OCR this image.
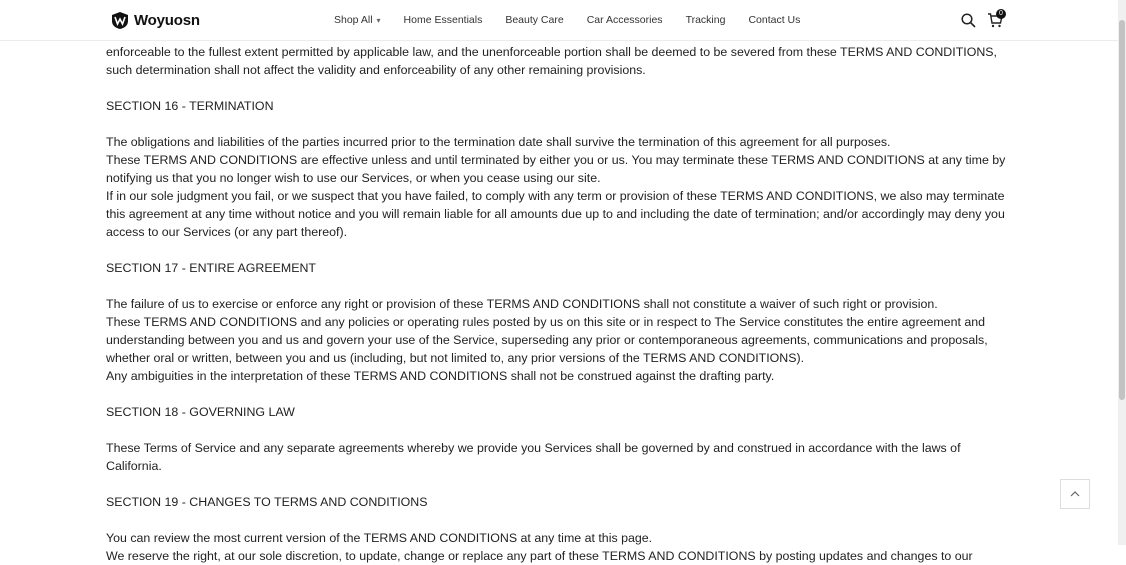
Woyuosn	Shop All ▾ Home Essentials Beauty Care Car Accessories Tracking Contact Us
0

enforceable to the fullest extent permitted by applicable law, and the unenforceable portion shall be deemed to be severed from these TERMS AND CONDITIONS, such determination shall not affect the validity and enforceability of any other remaining provisions.

SECTION 16 - TERMINATION

The obligations and liabilities of the parties incurred prior to the termination date shall survive the termination of this agreement for all purposes.

These TERMS AND CONDITIONS are effective unless and until terminated by either you or us. You may terminate these TERMS AND CONDITIONS at any time by notifying us that you no longer wish to use our Services, or when you cease using our site.

If in our sole judgment you fail, or we suspect that you have failed, to comply with any term or provision of these TERMS AND CONDITIONS, we also may terminate this agreement at any time without notice and you will remain liable for all amounts due up to and including the date of termination; and/or accordingly may deny you access to our Services (or any part thereof).

SECTION 17 - ENTIRE AGREEMENT

The failure of us to exercise or enforce any right or provision of these TERMS AND CONDITIONS shall not constitute a waiver of such right or provision.

These TERMS AND CONDITIONS and any policies or operating rules posted by us on this site or in respect to The Service constitutes the entire agreement and understanding between you and us and govern your use of the Service, superseding any prior or contemporaneous agreements, communications and proposals, whether oral or written, between you and us (including, but not limited to, any prior versions of the TERMS AND CONDITIONS).

Any ambiguities in the interpretation of these TERMS AND CONDITIONS shall not be construed against the drafting party.

SECTION 18 - GOVERNING LAW

These Terms of Service and any separate agreements whereby we provide you Services shall be governed by and construed in accordance with the laws of California.

SECTION 19 - CHANGES TO TERMS AND CONDITIONS

You can review the most current version of the TERMS AND CONDITIONS at any time at this page.

We reserve the right, at our sole discretion, to update, change or replace any part of these TERMS AND CONDITIONS by posting updates and changes to our
